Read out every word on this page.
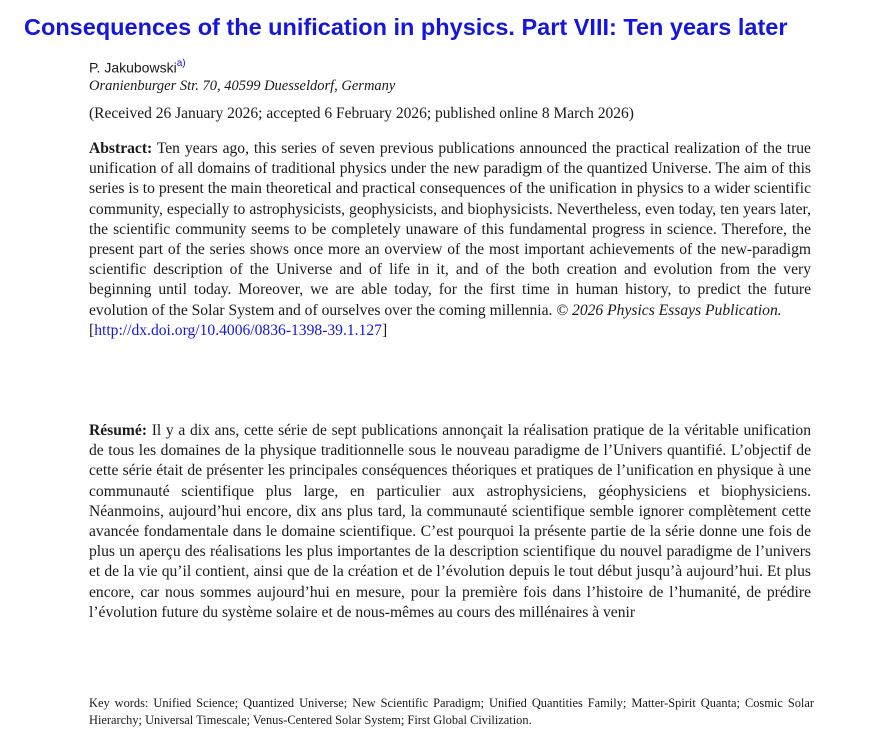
Consequences of the unification in physics. Part VIII: Ten years later
P. Jakubowski$^{a)}$
Oranienburger Str. 70, 40599 Duesseldorf, Germany
(Received 26 January 2026; accepted 6 February 2026; published online 8 March 2026)
Abstract: Ten years ago, this series of seven previous publications announced the practical realization of the true unification of all domains of traditional physics under the new paradigm of the quantized Universe. The aim of this series is to present the main theoretical and practical consequences of the unification in physics to a wider scientific community, especially to astrophysicists, geophysicists, and biophysicists. Nevertheless, even today, ten years later, the scientific community seems to be completely unaware of this fundamental progress in science. Therefore, the present part of the series shows once more an overview of the most important achievements of the new-paradigm scientific description of the Universe and of life in it, and of the both creation and evolution from the very beginning until today. Moreover, we are able today, for the first time in human history, to predict the future evolution of the Solar System and of ourselves over the coming millennia. © 2026 Physics Essays Publication.
[http://dx.doi.org/10.4006/0836-1398-39.1.127]
Résumé: Il y a dix ans, cette série de sept publications annonçait la réalisation pratique de la véritable unification de tous les domaines de la physique traditionnelle sous le nouveau paradigme de l’Univers quantifié. L’objectif de cette série était de présenter les principales conséquences théoriques et pratiques de l’unification en physique à une communauté scientifique plus large, en particulier aux astrophysiciens, géophysiciens et biophysiciens. Néanmoins, aujourd’hui encore, dix ans plus tard, la communauté scientifique semble ignorer complètement cette avancée fondamentale dans le domaine scientifique. C’est pourquoi la présente partie de la série donne une fois de plus un aperçu des réalisations les plus importantes de la description scientifique du nouvel paradigme de l’univers et de la vie qu’il contient, ainsi que de la création et de l’évolution depuis le tout début jusqu’à aujourd’hui. Et plus encore, car nous sommes aujourd’hui en mesure, pour la première fois dans l’histoire de l’humanité, de prédire l’évolution future du système solaire et de nous-mêmes au cours des millénaires à venir
Key words: Unified Science; Quantized Universe; New Scientific Paradigm; Unified Quantities Family; Matter-Spirit Quanta; Cosmic Solar Hierarchy; Universal Timescale; Venus-Centered Solar System; First Global Civilization.
